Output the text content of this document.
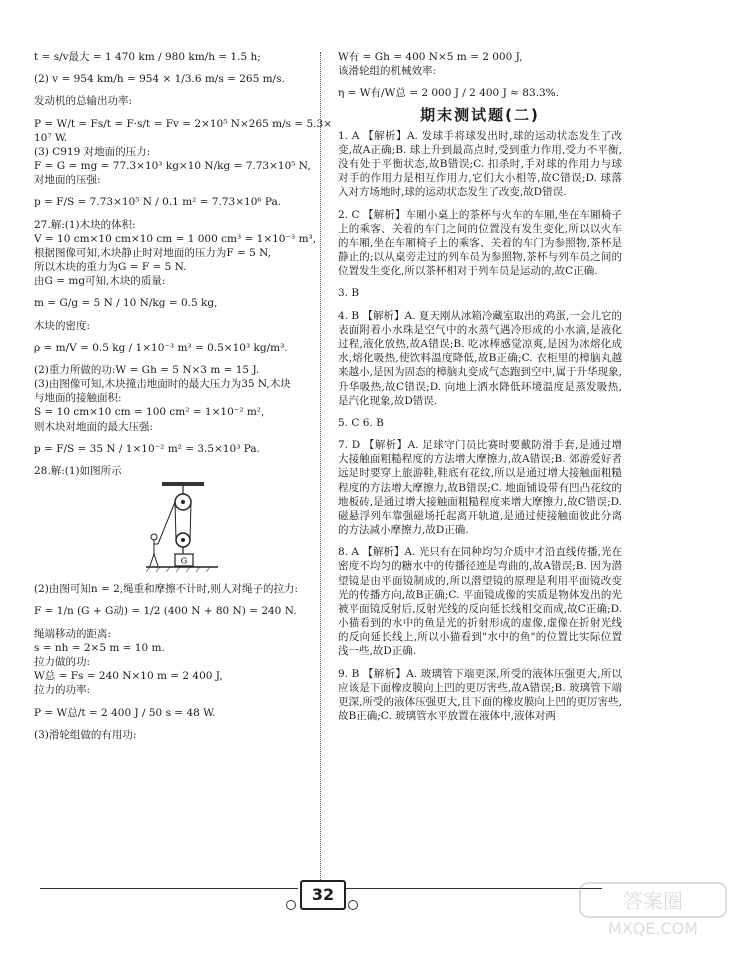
t = s/v最大 = 1 470 km / 980 km/h = 1.5 h;

(2) v = 954 km/h = 954 × 1/3.6 m/s = 265 m/s.

发动机的总输出功率:

P = W/t = Fs/t = F·s/t = Fv = 2×10⁵ N×265 m/s = 5.3×

10⁷ W.

(3) C919 对地面的压力:

F = G = mg = 77.3×10³ kg×10 N/kg = 7.73×10⁵ N,

对地面的压强:

p = F/S = 7.73×10⁵ N / 0.1 m² = 7.73×10⁶ Pa.

27.解:(1)木块的体积:

V = 10 cm×10 cm×10 cm = 1 000 cm³ = 1×10⁻³ m³,

根据图像可知,木块静止时对地面的压力为F = 5 N,

所以木块的重力为G = F = 5 N.

由G = mg可知,木块的质量:

m = G/g = 5 N / 10 N/kg = 0.5 kg,

木块的密度:

ρ = m/V = 0.5 kg / 1×10⁻³ m³ = 0.5×10³ kg/m³.

(2)重力所做的功:W = Gh = 5 N×3 m = 15 J.

(3)由图像可知,木块撞击地面时的最大压力为35 N,木块

与地面的接触面积:

S = 10 cm×10 cm = 100 cm² = 1×10⁻² m²,

则木块对地面的最大压强:

p = F/S = 35 N / 1×10⁻² m² = 3.5×10³ Pa.

28.解:(1)如图所示

G

(2)由图可知n = 2,绳重和摩擦不计时,则人对绳子的拉力:

F = 1/n (G + G动) = 1/2 (400 N + 80 N) = 240 N.

绳端移动的距离:

s = nh = 2×5 m = 10 m.

拉力做的功:

W总 = Fs = 240 N×10 m = 2 400 J,

拉力的功率:

P = W总/t = 2 400 J / 50 s = 48 W.

(3)滑轮组做的有用功:

W有 = Gh = 400 N×5 m = 2 000 J,

该滑轮组的机械效率:

η = W有/W总 = 2 000 J / 2 400 J ≈ 83.3%.

期末测试题(二)

1. A 【解析】A. 发球手将球发出时,球的运动状态发生了改变,故A正确;B. 球上升到最高点时,受到重力作用,受力不平衡,没有处于平衡状态,故B错误;C. 扣杀时,手对球的作用力与球对手的作用力是相互作用力,它们大小相等,故C错误;D. 球落入对方场地时,球的运动状态发生了改变,故D错误.

2. C 【解析】车厢小桌上的茶杯与火车的车厢,坐在车厢椅子上的乘客、关着的车门之间的位置没有发生变化,所以以火车的车厢,坐在车厢椅子上的乘客、关着的车门为参照物,茶杯是静止的;以从桌旁走过的列车员为参照物,茶杯与列车员之间的位置发生变化,所以茶杯相对于列车员是运动的,故C正确.

3. B

4. B 【解析】A. 夏天刚从冰箱冷藏室取出的鸡蛋,一会儿它的表面附着小水珠是空气中的水蒸气遇冷形成的小水滴,是液化过程,液化放热,故A错误;B. 吃冰棒感觉凉爽,是因为冰熔化成水,熔化吸热,使饮料温度降低,故B正确;C. 衣柜里的樟脑丸越来越小,是因为固态的樟脑丸变成气态跑到空中,属于升华现象,升华吸热,故C错误;D. 向地上洒水降低环境温度是蒸发吸热,是汽化现象,故D错误.

5. C 6. B

7. D 【解析】A. 足球守门员比赛时要戴防滑手套,是通过增大接触面粗糙程度的方法增大摩擦力,故A错误;B. 郊游爱好者远足时要穿上旅游鞋,鞋底有花纹,所以是通过增大接触面粗糙程度的方法增大摩擦力,故B错误;C. 地面铺设带有凹凸花纹的地板砖,是通过增大接触面粗糙程度来增大摩擦力,故C错误;D. 磁悬浮列车靠强磁场托起离开轨道,是通过使接触面彼此分离的方法减小摩擦力,故D正确.

8. A 【解析】A. 光只有在同种均匀介质中才沿直线传播,光在密度不均匀的糖水中的传播径迹是弯曲的,故A错误;B. 因为潜望镜是由平面镜制成的,所以潜望镜的原理是利用平面镜改变光的传播方向,故B正确;C. 平面镜成像的实质是物体发出的光被平面镜反射后,反射光线的反向延长线相交而成,故C正确;D. 小猫看到的水中的鱼是光的折射形成的虚像,虚像在折射光线的反向延长线上,所以小猫看到"水中的鱼"的位置比实际位置浅一些,故D正确.

9. B 【解析】A. 玻璃管下端更深,所受的液体压强更大,所以应该是下面橡皮膜向上凹的更厉害些,故A错误;B. 玻璃管下端更深,所受的液体压强更大,且下面的橡皮膜向上凹的更厉害些,故B正确;C. 玻璃管水平放置在液体中,液体对两

32	答案圈
MXQE.COM
